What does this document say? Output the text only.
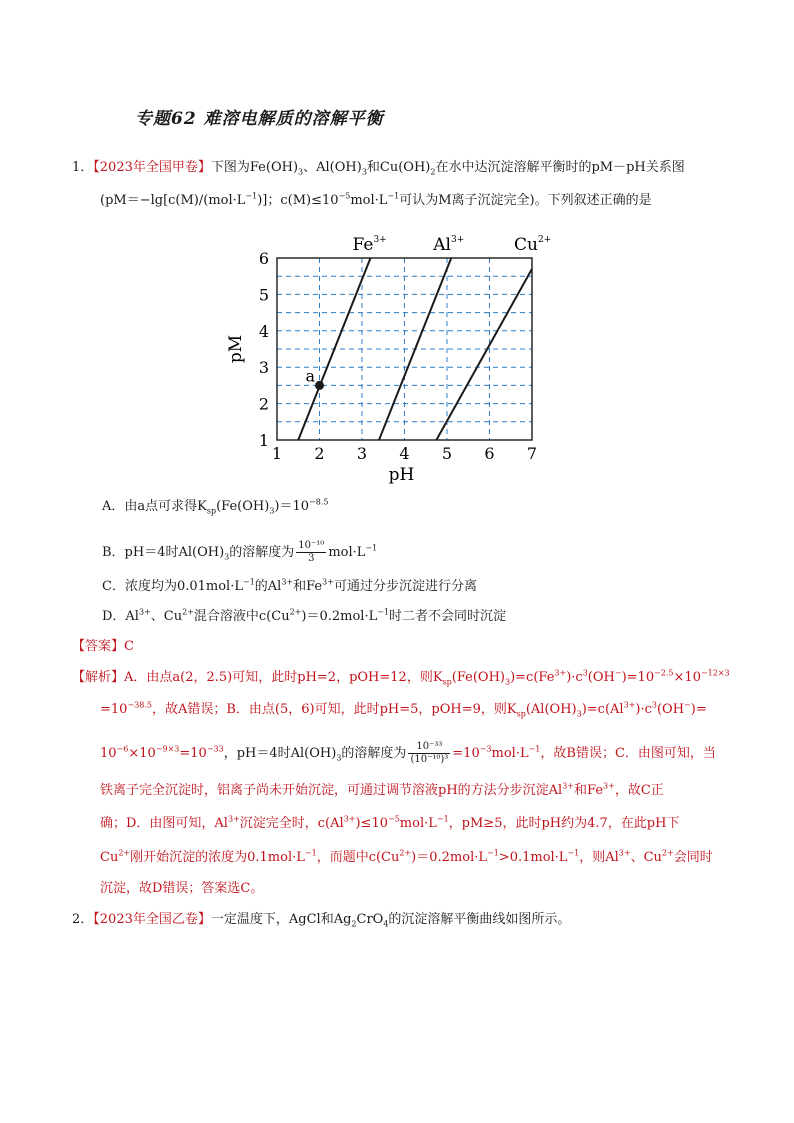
专题62 难溶电解质的溶解平衡
1．【2023年全国甲卷】下图为$Fe(OH)_3$、$Al(OH)_3$和$Cu(OH)_2$在水中达沉淀溶解平衡时的pM－pH关系图
($pM=-\lg[c(M)/(mol\cdot L^{-1})]$；$c(M)\le 10^{-5}mol\cdot L^{-1}$可认为M离子沉淀完全)。下列叙述正确的是
1 2 3 4 5 6 7
1
2
3
4
5
6
$Fe^{3+}$	$Al^{3+}$	$Cu^{2+}$
a
pH
pM
A．由a点可求得$K_{sp}(Fe(OH)_3)=10^{-8.5}$
B．pH＝4时$Al(OH)_3$的溶解度为 $\frac{\text{10⁻¹⁰}}{3} mol\cdot L^{-1}$
C．浓度均为$0.01mol\cdot L^{-1}$的$Al^{3+}$和$Fe^{3+}$可通过分步沉淀进行分离
D．$Al^{3+}$、$Cu^{2+}$混合溶液中$c(Cu^{2+})=0.2mol\cdot L^{-1}$时二者不会同时沉淀
【答案】C
【解析】A．由点a(2，2.5)可知，此时pH=2，pOH=12，则$K_{sp}(Fe(OH)_3)=c(Fe^{3+})\cdot c^3(OH^-)=10^{-2.5}\times 10^{-12\times 3}$
$=10^{-38.5}$，故A错误；B．由点(5，6)可知，此时pH=5，pOH=9，则$K_{sp}(Al(OH)_3)=c(Al^{3+})\cdot c^3(OH^-)=$
$10^{-6}\times 10^{-9\times 3}=10^{-33}$，pH＝4时$Al(OH)_3$的溶解度为 $\frac{\text{10⁻³³}}{\text{(10⁻¹⁰)³}} =10^{-3}mol\cdot L^{-1}$，故B错误；C．由图可知，当
铁离子完全沉淀时，铝离子尚未开始沉淀，可通过调节溶液pH的方法分步沉淀$Al^{3+}$和$Fe^{3+}$，故C正
确；D．由图可知，$Al^{3+}$沉淀完全时，$c(Al^{3+})\le 10^{-5}mol\cdot L^{-1}$，pM≥5，此时pH约为4.7，在此pH下
$Cu^{2+}$刚开始沉淀的浓度为$0.1mol\cdot L^{-1}$，而题中$c(Cu^{2+})=0.2mol\cdot L^{-1}>0.1mol\cdot L^{-1}$，则$Al^{3+}$、$Cu^{2+}$会同时
沉淀，故D错误；答案选C。
2．【2023年全国乙卷】一定温度下，AgCl和$Ag_2CrO_4$的沉淀溶解平衡曲线如图所示。
